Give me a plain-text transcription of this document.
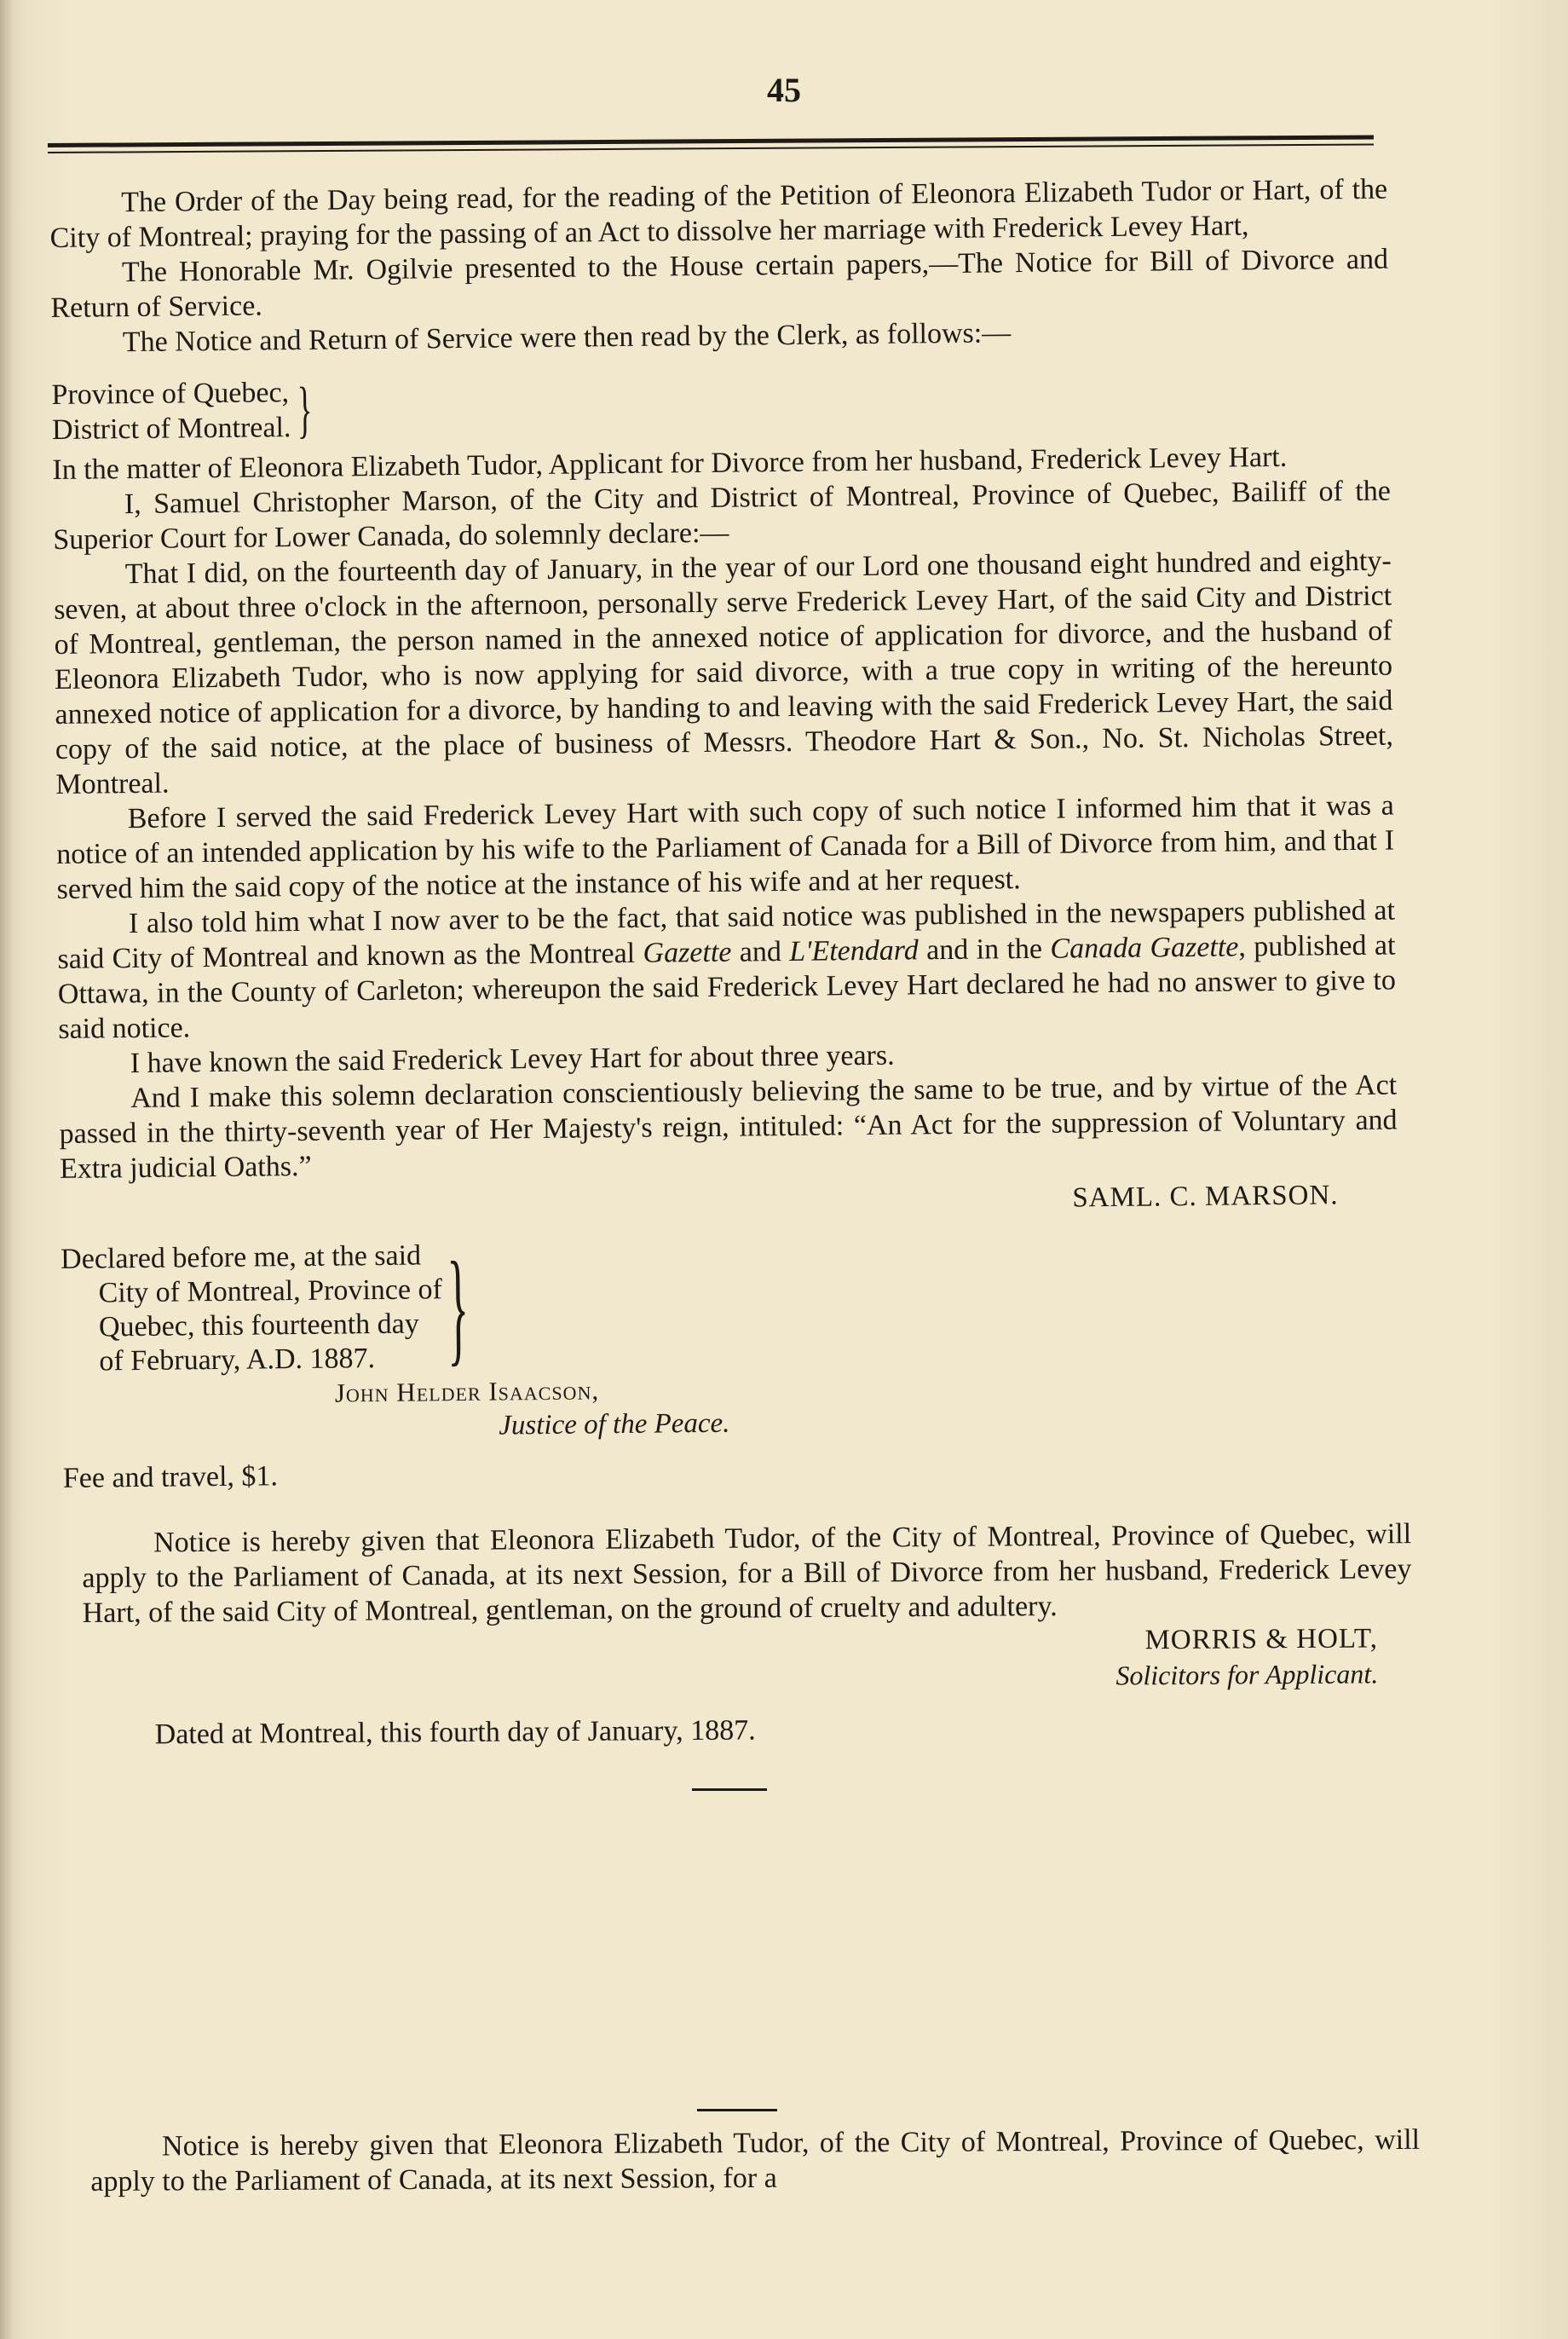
45

The Order of the Day being read, for the reading of the Petition of Eleonora Elizabeth Tudor or Hart, of the City of Montreal; praying for the passing of an Act to dissolve her marriage with Frederick Levey Hart,

The Honorable Mr. Ogilvie presented to the House certain papers,—The Notice for Bill of Divorce and Return of Service.

The Notice and Return of Service were then read by the Clerk, as follows:—

Province of Quebec,

District of Montreal. }

In the matter of Eleonora Elizabeth Tudor, Applicant for Divorce from her husband, Frederick Levey Hart.

I, Samuel Christopher Marson, of the City and District of Montreal, Province of Quebec, Bailiff of the Superior Court for Lower Canada, do solemnly declare:—

That I did, on the fourteenth day of January, in the year of our Lord one thousand eight hundred and eighty-seven, at about three o'clock in the afternoon, personally serve Frederick Levey Hart, of the said City and District of Montreal, gentleman, the person named in the annexed notice of application for divorce, and the husband of Eleonora Elizabeth Tudor, who is now applying for said divorce, with a true copy in writing of the hereunto annexed notice of application for a divorce, by handing to and leaving with the said Frederick Levey Hart, the said copy of the said notice, at the place of business of Messrs. Theodore Hart & Son., No. St. Nicholas Street, Montreal.

Before I served the said Frederick Levey Hart with such copy of such notice I informed him that it was a notice of an intended application by his wife to the Parliament of Canada for a Bill of Divorce from him, and that I served him the said copy of the notice at the instance of his wife and at her request.

I also told him what I now aver to be the fact, that said notice was published in the newspapers published at said City of Montreal and known as the Montreal Gazette and L'Etendard and in the Canada Gazette, published at Ottawa, in the County of Carleton; whereupon the said Frederick Levey Hart declared he had no answer to give to said notice.

I have known the said Frederick Levey Hart for about three years.

And I make this solemn declaration conscientiously believing the same to be true, and by virtue of the Act passed in the thirty-seventh year of Her Majesty's reign, intituled: “An Act for the suppression of Voluntary and Extra judicial Oaths.”

SAML. C. MARSON.

Declared before me, at the said

City of Montreal, Province of

Quebec, this fourteenth day

of February, A.D. 1887. }
John Helder Isaacson,
Justice of the Peace.

Fee and travel, $1.

Notice is hereby given that Eleonora Elizabeth Tudor, of the City of Montreal, Province of Quebec, will apply to the Parliament of Canada, at its next Session, for a Bill of Divorce from her husband, Frederick Levey Hart, of the said City of Montreal, gentleman, on the ground of cruelty and adultery.

MORRIS & HOLT,
Solicitors for Applicant.

Dated at Montreal, this fourth day of January, 1887.

Notice is hereby given that Eleonora Elizabeth Tudor, of the City of Montreal, Province of Quebec, will apply to the Parliament of Canada, at its next Session, for a
